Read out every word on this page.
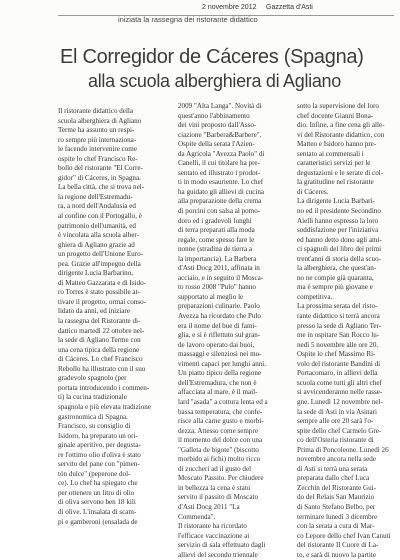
2 novembre 2012 Gazzetta d'Asti
iniziata la rassegna dei ristorante didattico
El Corregidor de Cáceres (Spagna)
alla scuola alberghiera di Agliano
Il ristorante didattico della
scuola alberghiera di Agliano
Terme ha assunto un respi-
ro sempre più internaziona-
le facendo intervenire come
ospite lo chef Francisco Re-
bollo del ristorante "El Corre-
gidor" di Cáceres, in Spagna.
La bella città, che si trova nel-
la regione dell'Estremadu-
ra, a nord dell'Andalusia ed
al confine con il Portogallo, è
patrimonio dell'umanità, ed
è vincolata alla scuola alber-
ghiera di Agliano grazie ad
un progetto dell'Unione Euro-
pea. Grazie all'impegno della
dirigente Lucia Barbarino,
di Matteo Gazzarata e di Isido-
ro Torres è stato possibile at-
tivare il progetto, ormai conso-
lidato da anni, ed iniziare
la rassegna del Ristorante di-
dattico martedì 22 ottobre nel-
la sede di Agliano Terme con
una cena tipica della regione
di Cáceres. Lo chef Francisco
Rebollo ha illustrato con il suo
gradevole spagnolo (per
portata introducendo i commen-
ti) la cucina tradizionale
spagnola e più elevata tradizione
gastronomica di Spagna.
Francisco, su consiglio di
Isidoro, ha preparato un ori-
ginale aperitivo, per degusta-
re l'ottimo olio d'oliva è stato
servito del pane con "pimen-
tón dulce" (peperone dol-
ce). Lo chef ha spiegato che
per ottenere un litro di olio
di oliva servono ben 18 kili
di olive. L'insalata di scam-
pi e gamberoni (ensalada de
2009 "Alta Langa". Novità di
quest'anno l'abbinamento
dei vini proposto dall'Asso-
ciazione "Barbera&Barbere".
Ospite della serata l'Azien-
da Agricola "Avezza Paolo" di
Canelli, il cui titolare ha pre-
sentato ed illustrato i prodot-
ti in modo esauriente. Lo chef
ha guidato gli allievi di cucina
alla preparazione della crema
di porcini con salsa al pomo-
doro ed i gradevoli lunghi
di terra preparati alla moda
regale, come spesso fare le
nonne (stradina de tierra a
la importancia). La Barbera
d'Asti Docg 2011, affinata in
acciaio, e in seguito il Mosca-
to rosso 2008 "Pulo" hanno
supportato al meglio le
preparazioni culinarie. Paolo
Avezza ha ricordato che Pulo
era il nome del bue di fami-
glia, e sì è riflettuto sul gran-
de lavoro operato dai buoi,
massaggi e silenziosi nei mo-
vimenti capaci per lunghi anni.
Un piatto tipico della regione
dell'Estremadura, che non è
affacciata al mare, è il mail-
lard "asada" a cottura lenta ed a
bassa temperatura, che confe-
risce alla carne gusto e morbi-
dezza. Attesso come sempre
il momento del dolce con una
"Galleta de bigote" (biscotto
morbido ai fichi) molto ricco
di zuccheri ad il gusto del
Moscato Passito. Per chiudere
in bellezza la cena è stato
servito il passito di Moscato
d'Asti Docg 2011 "La
Commenda".
Il ristorante ha ricordato
l'efficace vaccinazione ai
servizio di sala effettuato dagli
allievi del secondo triennale
sotto la supervisione del loro
chef docente Gianni Bona-
dio. Infine, a fine cena gli alle-
vi del Ristorante didattico, con
Matteo e Isidoro hanno pre-
sentato ai commensali i
caratteristici servizi per le
degustazioni e le serate di col-
la gratitudine nel ristorante
di Cáceres.
La dirigente Lucia Barbari-
no ed il presidente Secondino
Aielli hanno espresso la loro
soddisfazione per l'iniziativa
ed hanno detto dono agli ami-
ci spagnoli del libro dei primi
trent'anni di storia della scuo-
la alberghiera, che quest'an-
no ne compie già quaranta,
ma è sempre più giovane e
competitiva.
La prossima serata del risto-
rante didattico si terrà ancora
presso la sede di Agliano Ter-
me in ospitare San Rocco lu-
nedì 5 novembre alle ore 20.
Ospite lo chef Massimo Ri-
volo del ristorante Bandini di
Portacomaro, in allievi della
scuola come tutti gli altri chef
si avvicenderanno nelle rasse-
gne. Lunedì 12 novembre nel-
la sede di Asti in via Asinari
sempre alle ore 20 sarà l'o-
spite dello chef Carmelo Gre-
co dell'Osteria ristorante di
Prima di Poncoleone. Lunedì 26
novembre ancora nella sede
di Asti si terrà una serata
preparata dallo chef Luca
Zecchin del Ristorante Gui-
do del Relais San Maurizio
di Santo Stefano Belbo, per
terminare lunedì 3 dicembre
con la serata a cura di Mar-
co Lepore dello chef Ivan Canuti
del ristorante Il Cuore di La-
to, e sarà di nuovo la partite
